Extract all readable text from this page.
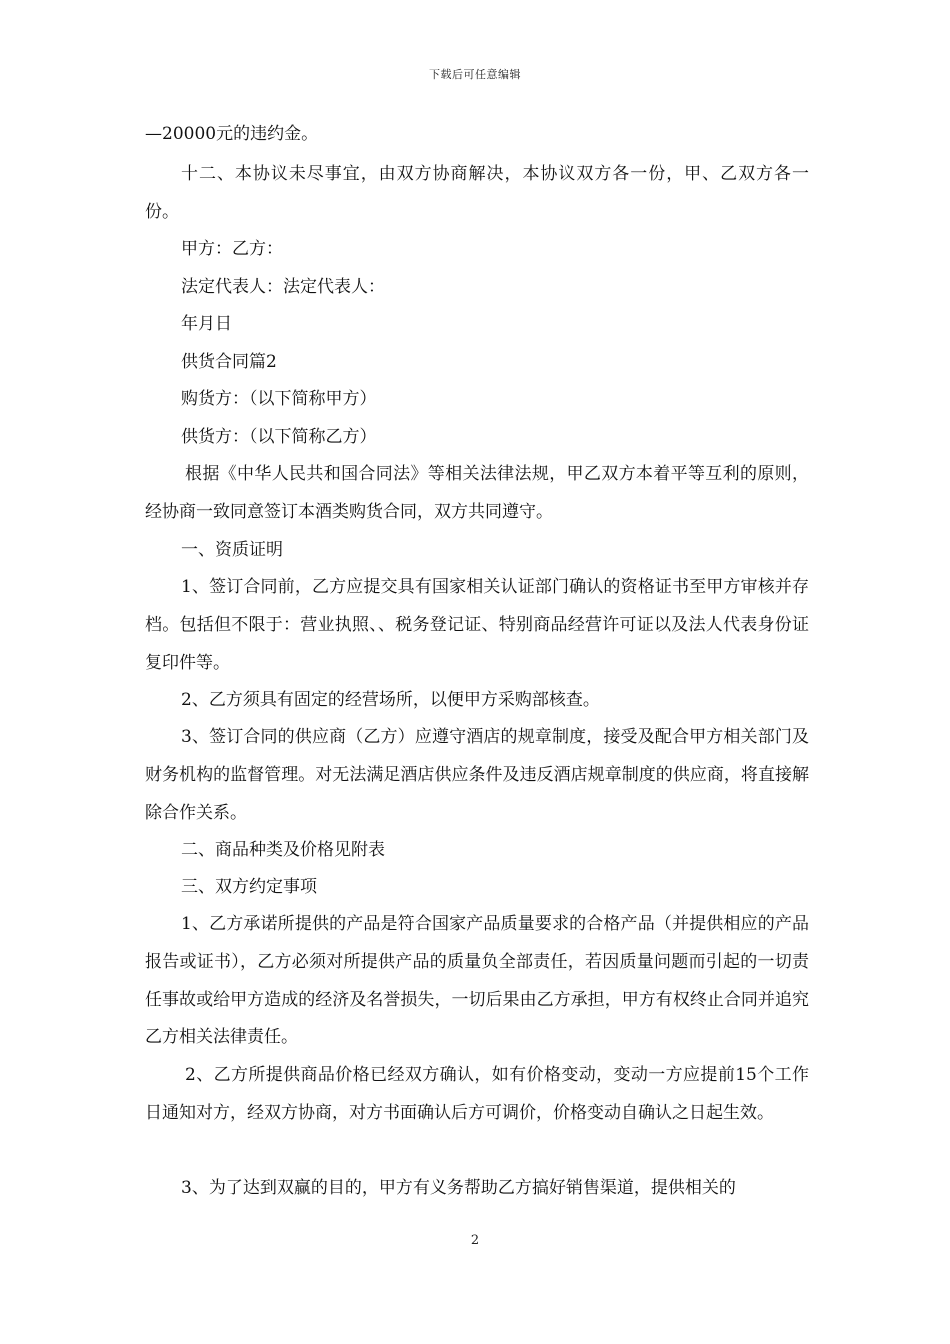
下载后可任意编辑
—20000元的违约金。
十二、本协议未尽事宜，由双方协商解决，本协议双方各一份，甲、乙双方各一份。
甲方：乙方：
法定代表人：法定代表人：
年月日
供货合同篇2
购货方：（以下简称甲方）
供货方：（以下简称乙方）
根据《中华人民共和国合同法》等相关法律法规，甲乙双方本着平等互利的原则，经协商一致同意签订本酒类购货合同，双方共同遵守。
一、资质证明
1、签订合同前，乙方应提交具有国家相关认证部门确认的资格证书至甲方审核并存档。包括但不限于：营业执照、、税务登记证、特别商品经营许可证以及法人代表身份证复印件等。
2、乙方须具有固定的经营场所，以便甲方采购部核查。
3、签订合同的供应商（乙方）应遵守酒店的规章制度，接受及配合甲方相关部门及财务机构的监督管理。对无法满足酒店供应条件及违反酒店规章制度的供应商，将直接解除合作关系。
二、商品种类及价格见附表
三、双方约定事项
1、乙方承诺所提供的产品是符合国家产品质量要求的合格产品（并提供相应的产品报告或证书），乙方必须对所提供产品的质量负全部责任，若因质量问题而引起的一切责任事故或给甲方造成的经济及名誉损失，一切后果由乙方承担，甲方有权终止合同并追究乙方相关法律责任。
2、乙方所提供商品价格已经双方确认，如有价格变动，变动一方应提前15个工作日通知对方，经双方协商，对方书面确认后方可调价，价格变动自确认之日起生效。
3、为了达到双赢的目的，甲方有义务帮助乙方搞好销售渠道，提供相关的
2
